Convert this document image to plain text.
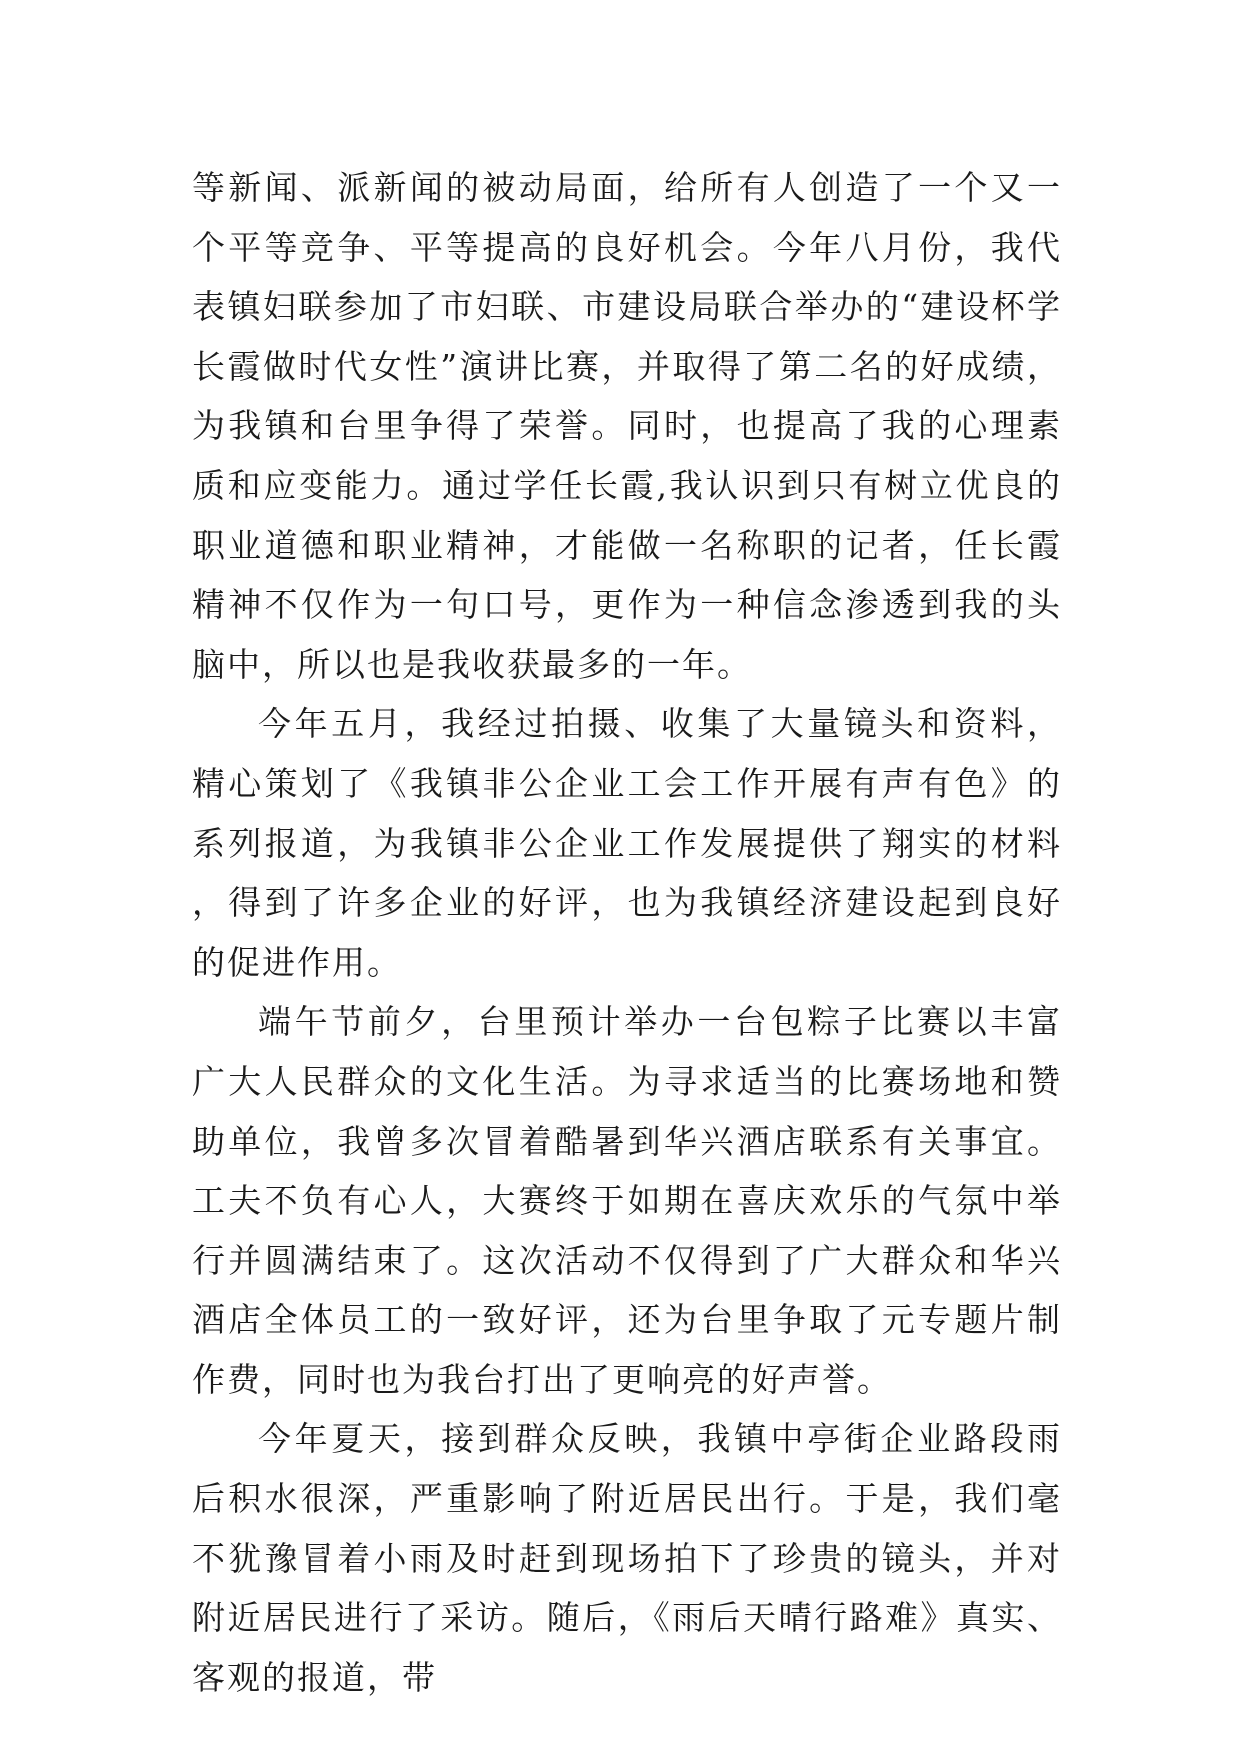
等新闻、派新闻的被动局面，给所有人创造了一个又一个平等竞争、平等提高的良好机会。今年八月份，我代表镇妇联参加了市妇联、市建设局联合举办的“建设杯学长霞做时代女性”演讲比赛，并取得了第二名的好成绩，为我镇和台里争得了荣誉。同时，也提高了我的心理素质和应变能力。通过学任长霞,我认识到只有树立优良的职业道德和职业精神，才能做一名称职的记者，任长霞精神不仅作为一句口号，更作为一种信念渗透到我的头脑中，所以也是我收获最多的一年。

今年五月，我经过拍摄、收集了大量镜头和资料，精心策划了《我镇非公企业工会工作开展有声有色》的系列报道，为我镇非公企业工作发展提供了翔实的材料，得到了许多企业的好评，也为我镇经济建设起到良好的促进作用。

端午节前夕，台里预计举办一台包粽子比赛以丰富广大人民群众的文化生活。为寻求适当的比赛场地和赞助单位，我曾多次冒着酷暑到华兴酒店联系有关事宜。工夫不负有心人，大赛终于如期在喜庆欢乐的气氛中举行并圆满结束了。这次活动不仅得到了广大群众和华兴酒店全体员工的一致好评，还为台里争取了元专题片制作费，同时也为我台打出了更响亮的好声誉。

今年夏天，接到群众反映，我镇中亭街企业路段雨后积水很深，严重影响了附近居民出行。于是，我们毫不犹豫冒着小雨及时赶到现场拍下了珍贵的镜头，并对附近居民进行了采访。随后，《雨后天晴行路难》真实、客观的报道，带
